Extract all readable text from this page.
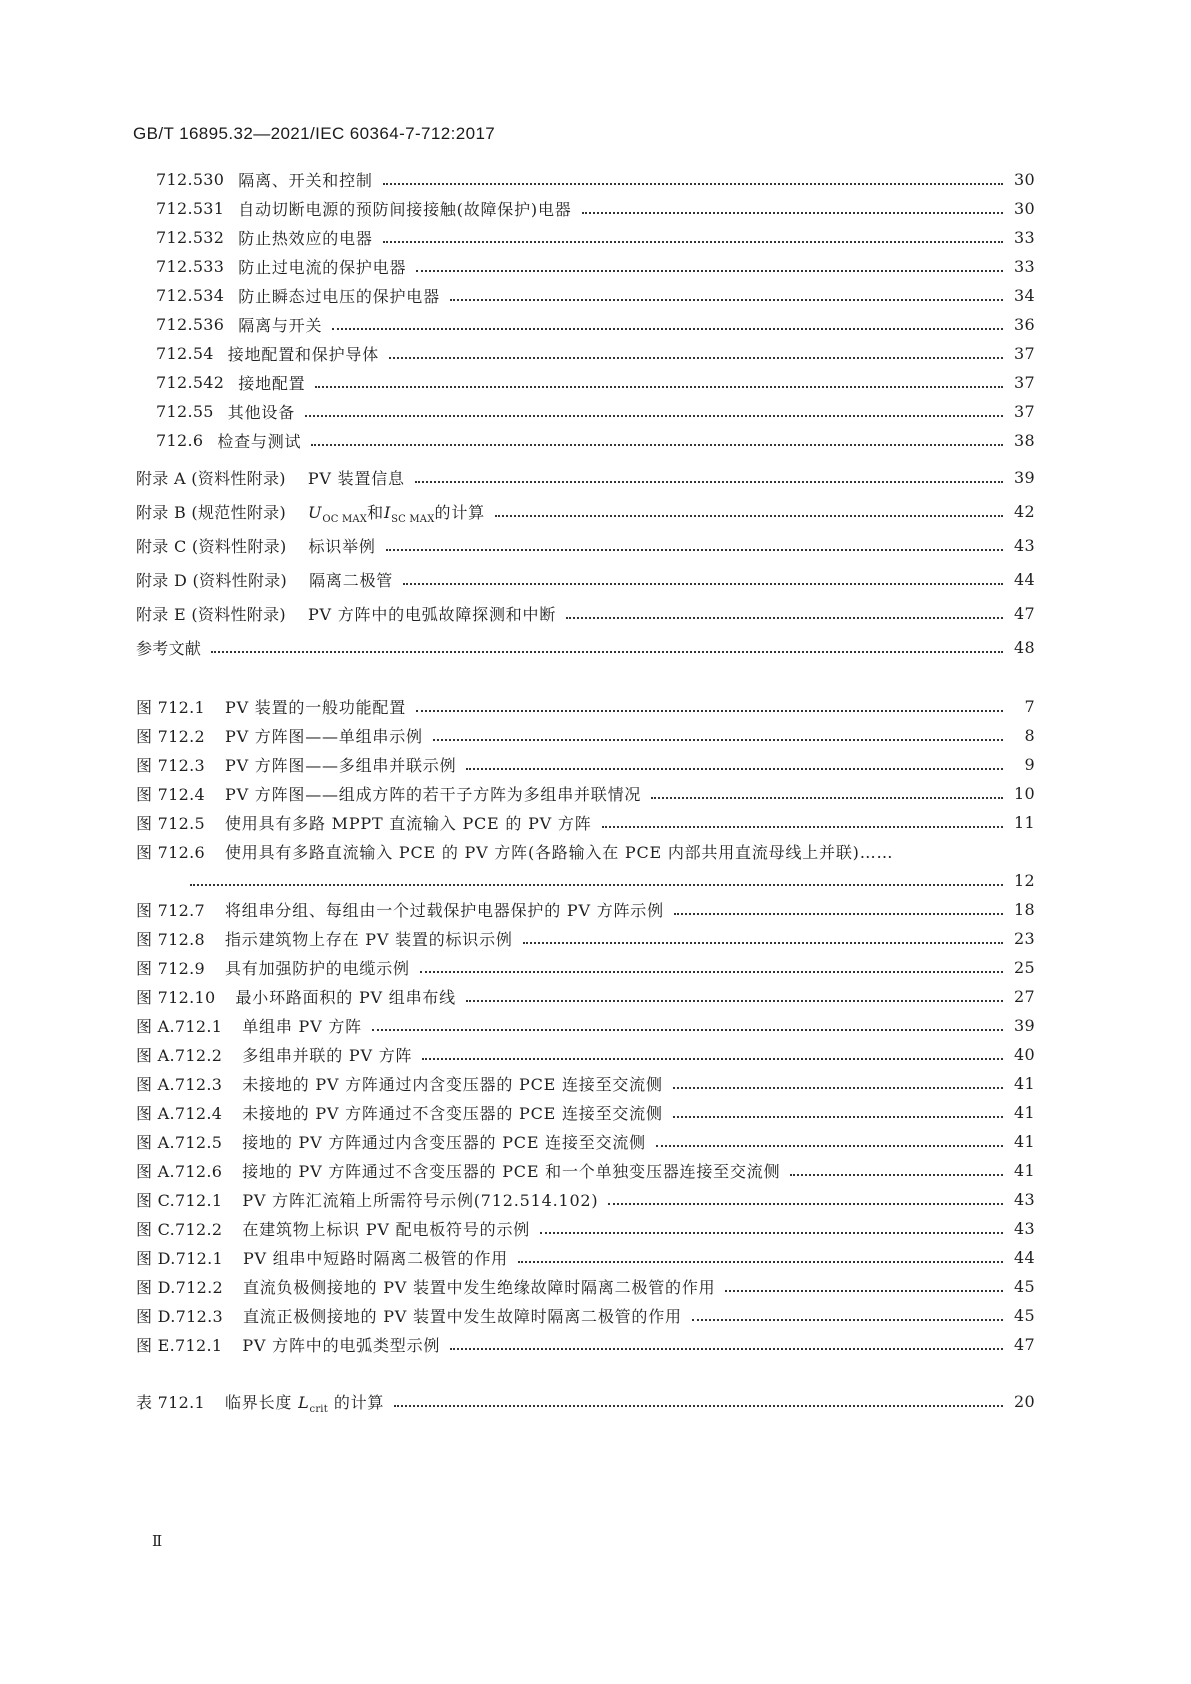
GB/T 16895.32—2021/IEC 60364-7-712:2017
712.530 隔离、开关和控制	30
712.531 自动切断电源的预防间接接触(故障保护)电器	30
712.532 防止热效应的电器	33
712.533 防止过电流的保护电器	33
712.534 防止瞬态过电压的保护电器	34
712.536 隔离与开关	36
712.54 接地配置和保护导体	37
712.542 接地配置	37
712.55 其他设备	37
712.6 检查与测试	38
附录 A (资料性附录) PV 装置信息	39
附录 B (规范性附录) $U_{OC MAX}$和$I_{SC MAX}$的计算	42
附录 C (资料性附录) 标识举例	43
附录 D (资料性附录) 隔离二极管	44
附录 E (资料性附录) PV 方阵中的电弧故障探测和中断	47
参考文献	48
图 712.1 PV 装置的一般功能配置	7
图 712.2 PV 方阵图——单组串示例	8
图 712.3 PV 方阵图——多组串并联示例	9
图 712.4 PV 方阵图——组成方阵的若干子方阵为多组串并联情况	10
图 712.5 使用具有多路 MPPT 直流输入 PCE 的 PV 方阵	11
图 712.6 使用具有多路直流输入 PCE 的 PV 方阵(各路输入在 PCE 内部共用直流母线上并联)……
12
图 712.7 将组串分组、每组由一个过载保护电器保护的 PV 方阵示例	18
图 712.8 指示建筑物上存在 PV 装置的标识示例	23
图 712.9 具有加强防护的电缆示例	25
图 712.10 最小环路面积的 PV 组串布线	27
图 A.712.1 单组串 PV 方阵	39
图 A.712.2 多组串并联的 PV 方阵	40
图 A.712.3 未接地的 PV 方阵通过内含变压器的 PCE 连接至交流侧	41
图 A.712.4 未接地的 PV 方阵通过不含变压器的 PCE 连接至交流侧	41
图 A.712.5 接地的 PV 方阵通过内含变压器的 PCE 连接至交流侧	41
图 A.712.6 接地的 PV 方阵通过不含变压器的 PCE 和一个单独变压器连接至交流侧	41
图 C.712.1 PV 方阵汇流箱上所需符号示例(712.514.102)	43
图 C.712.2 在建筑物上标识 PV 配电板符号的示例	43
图 D.712.1 PV 组串中短路时隔离二极管的作用	44
图 D.712.2 直流负极侧接地的 PV 装置中发生绝缘故障时隔离二极管的作用	45
图 D.712.3 直流正极侧接地的 PV 装置中发生故障时隔离二极管的作用	45
图 E.712.1 PV 方阵中的电弧类型示例	47
表 712.1 临界长度 $L_{crit}$ 的计算	20
Ⅱ
